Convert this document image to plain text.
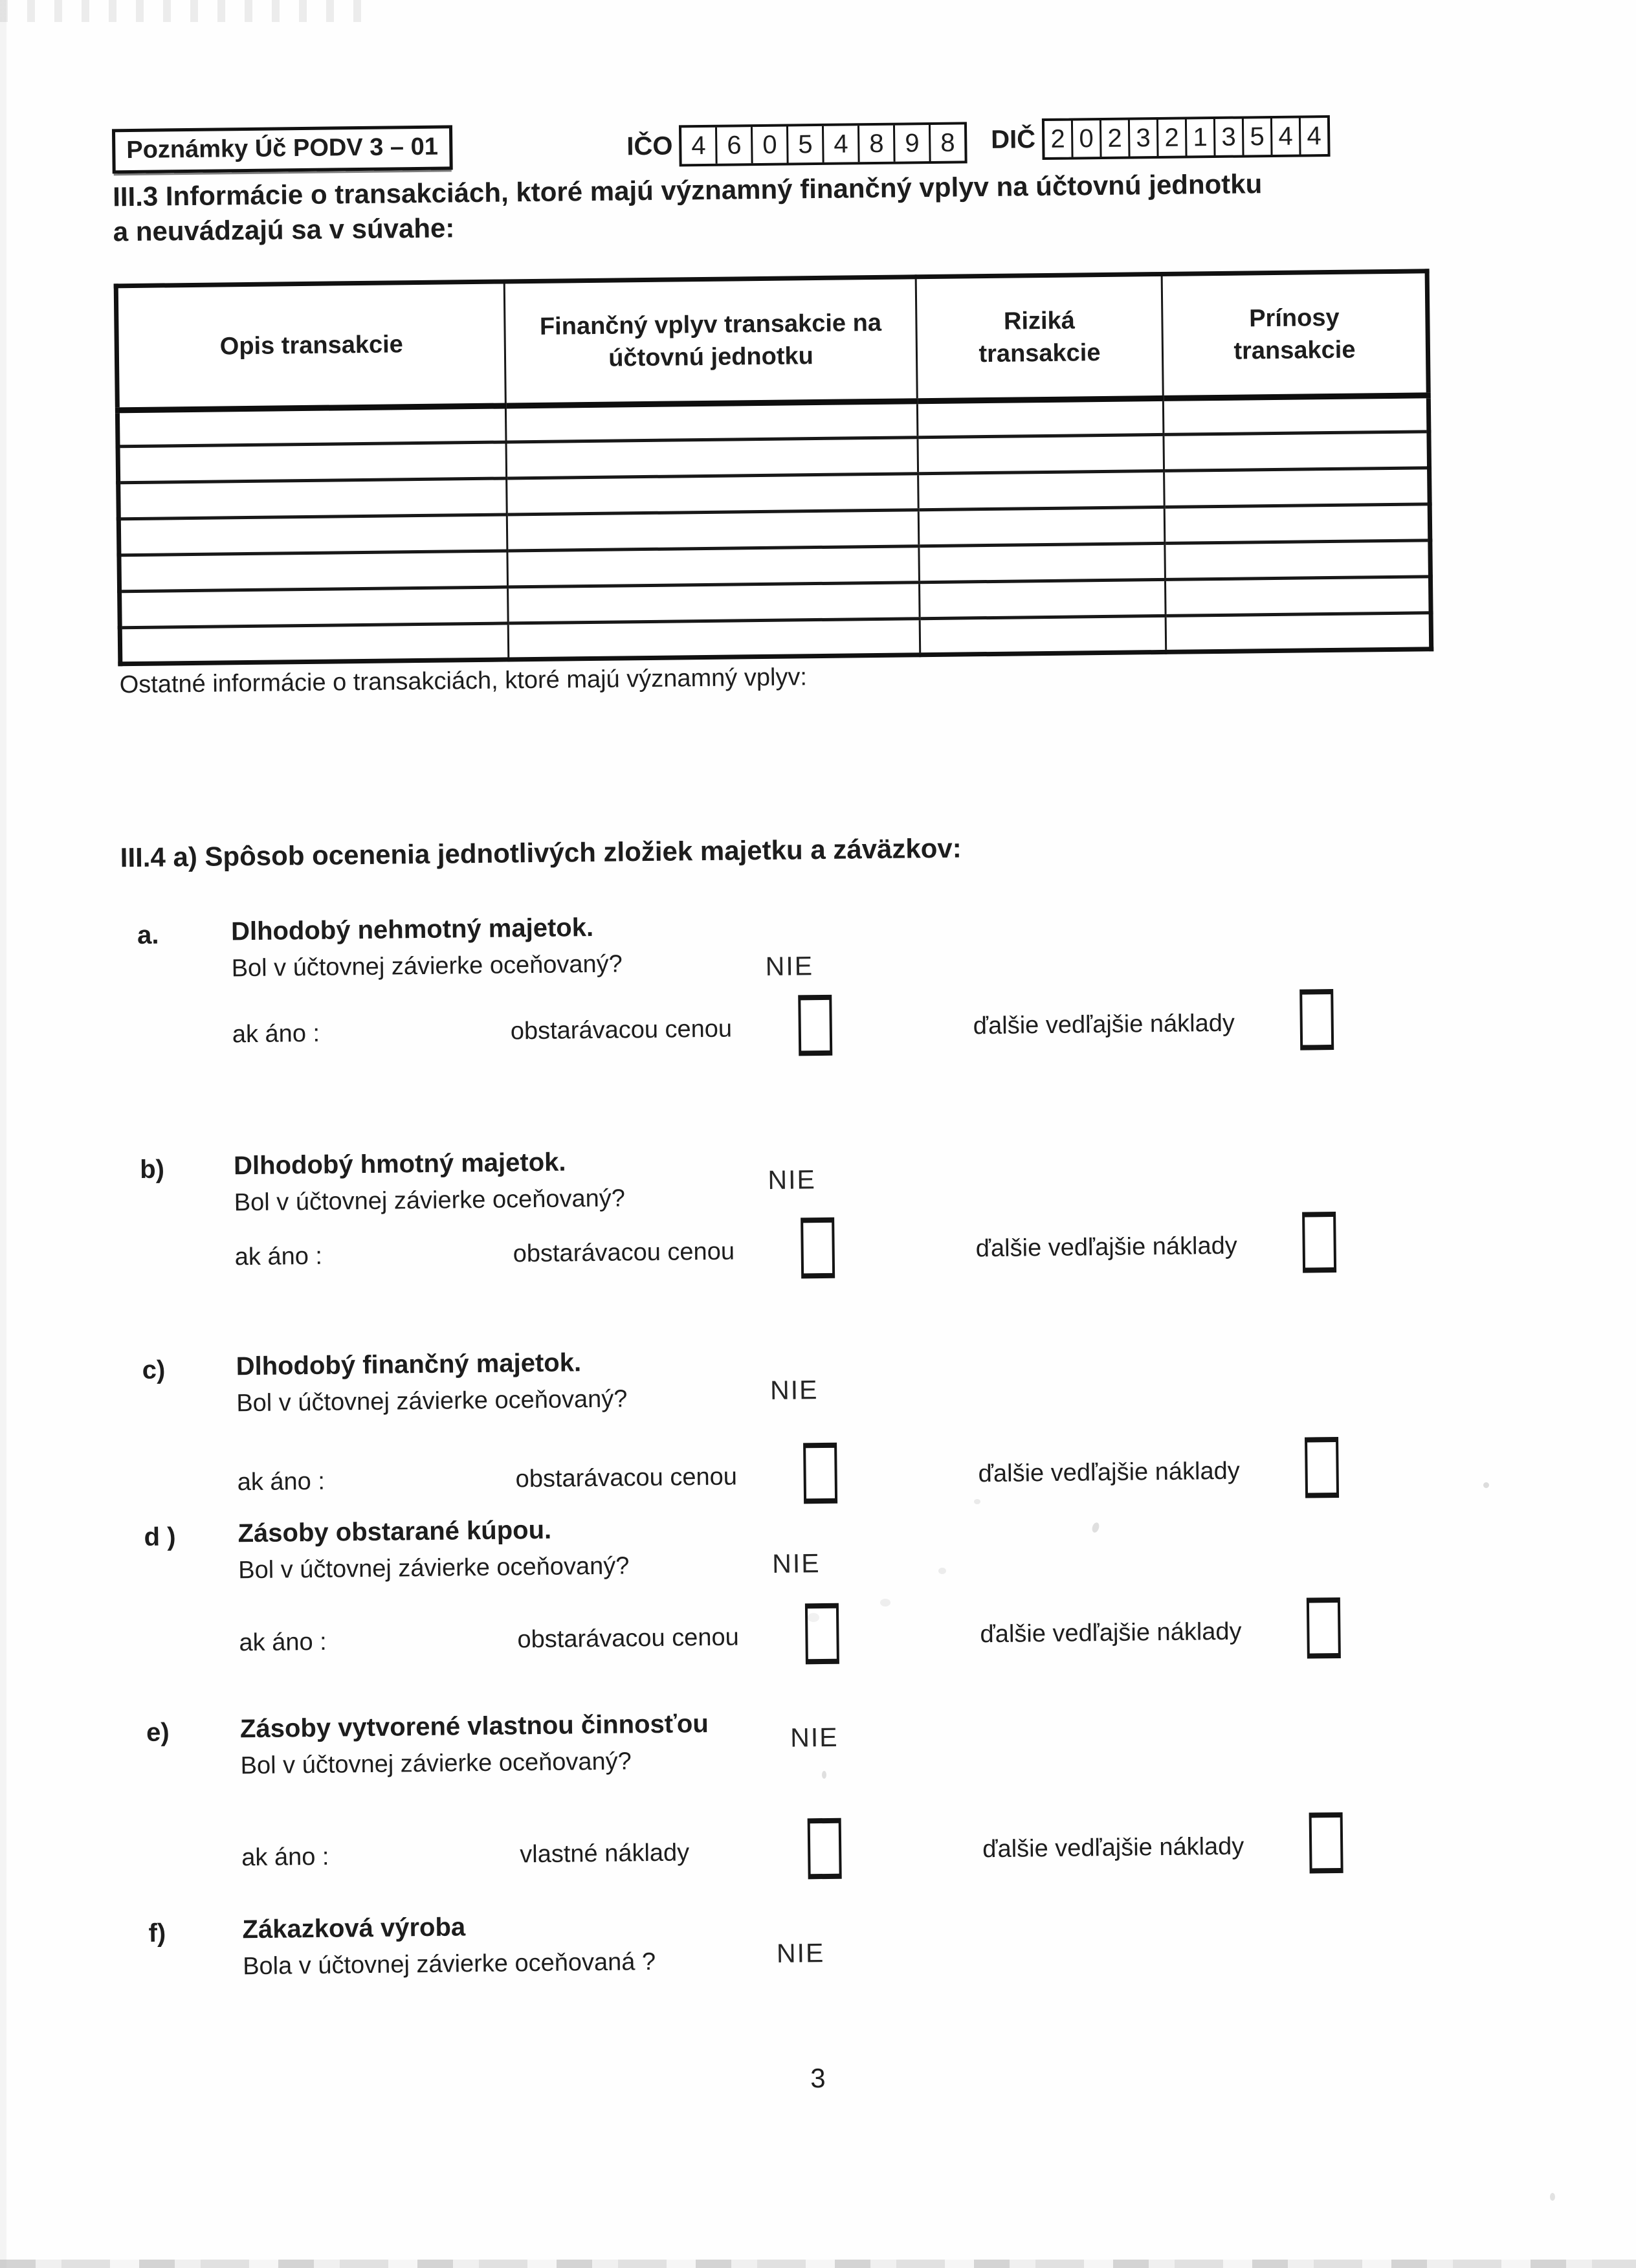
Poznámky Úč PODV 3 – 01	IČO 4 6 0 5 4 8 9 8	DIČ 2 0 2 3 2 1 3 5 4 4
III.3 Informácie o transakciách, ktoré majú významný finančný vplyv na účtovnú jednotku
a neuvádzajú sa v súvahe:
Opis transakcie	Finančný vplyv transakcie na účtovnú jednotku	Riziká transakcie	Prínosy transakcie

Ostatné informácie o transakciách, ktoré majú významný vplyv:
III.4 a) Spôsob ocenenia jednotlivých zložiek majetku a záväzkov:
a.	Dlhodobý nehmotný majetok.
Bol v účtovnej závierke oceňovaný?	NIE
ak áno :	obstarávacou cenou	ďalšie vedľajšie náklady
b)	Dlhodobý hmotný majetok.
Bol v účtovnej závierke oceňovaný?
NIE
ak áno :	obstarávacou cenou	ďalšie vedľajšie náklady
c)	Dlhodobý finančný majetok.
Bol v účtovnej závierke oceňovaný?	NIE
ak áno :	obstarávacou cenou	ďalšie vedľajšie náklady
d ) Zásoby obstarané kúpou.
Bol v účtovnej závierke oceňovaný?	NIE
ak áno :	obstarávacou cenou	ďalšie vedľajšie náklady
e)	Zásoby vytvorené vlastnou činnosťou
Bol v účtovnej závierke oceňovaný?
NIE
ak áno :	vlastné náklady	ďalšie vedľajšie náklady
f)	Zákazková výroba
Bola v účtovnej závierke oceňovaná ?	NIE
3
